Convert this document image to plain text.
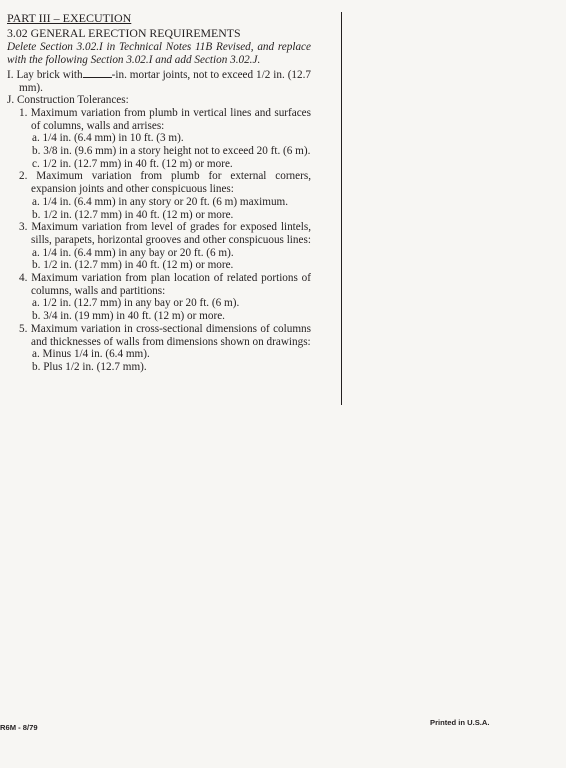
PART III – EXECUTION

3.02 GENERAL ERECTION REQUIREMENTS

Delete Section 3.02.I in Technical Notes 11B Revised, and replace with the following Section 3.02.I and add Section 3.02.J.

I. Lay brick with	-in. mortar joints, not to exceed 1/2 in. (12.7 mm).

J. Construction Tolerances:

1. Maximum variation from plumb in vertical lines and surfaces of columns, walls and arrises:

a. 1/4 in. (6.4 mm) in 10 ft. (3 m).

b. 3/8 in. (9.6 mm) in a story height not to exceed 20 ft. (6 m).

c. 1/2 in. (12.7 mm) in 40 ft. (12 m) or more.

2. Maximum variation from plumb for external corners, expansion joints and other conspicuous lines:

a. 1/4 in. (6.4 mm) in any story or 20 ft. (6 m) maximum.

b. 1/2 in. (12.7 mm) in 40 ft. (12 m) or more.

3. Maximum variation from level of grades for exposed lintels, sills, parapets, horizontal grooves and other conspicuous lines:

a. 1/4 in. (6.4 mm) in any bay or 20 ft. (6 m).

b. 1/2 in. (12.7 mm) in 40 ft. (12 m) or more.

4. Maximum variation from plan location of related portions of columns, walls and partitions:

a. 1/2 in. (12.7 mm) in any bay or 20 ft. (6 m).

b. 3/4 in. (19 mm) in 40 ft. (12 m) or more.

5. Maximum variation in cross-sectional dimensions of columns and thicknesses of walls from dimensions shown on drawings:

a. Minus 1/4 in. (6.4 mm).

b. Plus 1/2 in. (12.7 mm).

R6M - 8/79
Printed in U.S.A.
